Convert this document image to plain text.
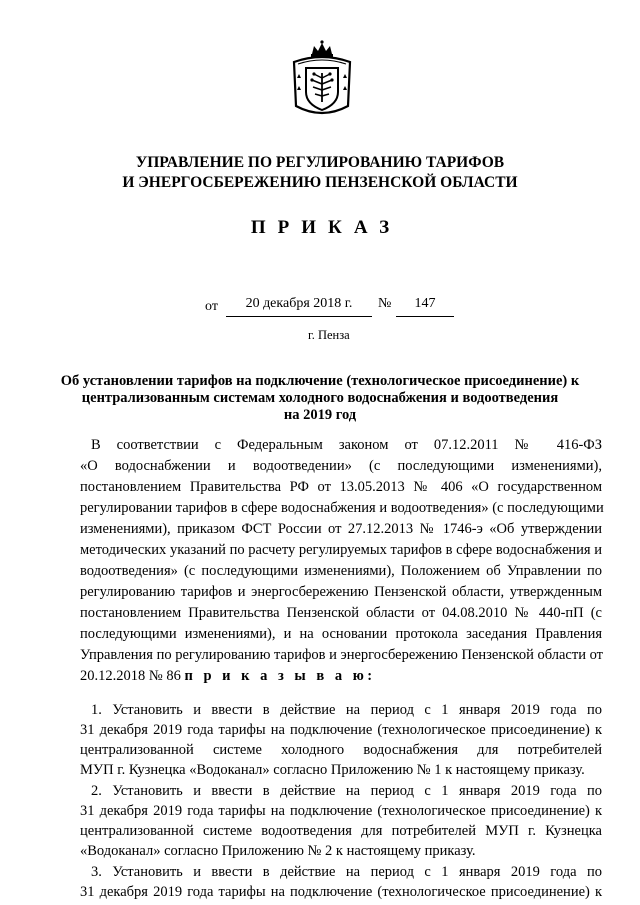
УПРАВЛЕНИЕ ПО РЕГУЛИРОВАНИЮ ТАРИФОВ
И ЭНЕРГОСБЕРЕЖЕНИЮ ПЕНЗЕНСКОЙ ОБЛАСТИ
ПРИКАЗ
от	20 декабря 2018 г.	№	147
г. Пенза
Об установлении тарифов на подключение (технологическое присоединение) к
централизованным системам холодного водоснабжения и водоотведения
на 2019 год
В соответствии с Федеральным законом от 07.12.2011 № 416-ФЗ
«О водоснабжении и водоотведении» (с последующими изменениями),
постановлением Правительства РФ от 13.05.2013 № 406 «О государственном
регулировании тарифов в сфере водоснабжения и водоотведения» (с последующими
изменениями), приказом ФСТ России от 27.12.2013 № 1746-э «Об утверждении
методических указаний по расчету регулируемых тарифов в сфере водоснабжения и
водоотведения» (с последующими изменениями), Положением об Управлении по
регулированию тарифов и энергосбережению Пензенской области, утвержденным
постановлением Правительства Пензенской области от 04.08.2010 № 440-пП (с
последующими изменениями), и на основании протокола заседания Правления
Управления по регулированию тарифов и энергосбережению Пензенской области от
20.12.2018 № 86 п р и к а з ы в а ю:
1. Установить и ввести в действие на период с 1 января 2019 года по
31 декабря 2019 года тарифы на подключение (технологическое присоединение) к
централизованной системе холодного водоснабжения для потребителей
МУП г. Кузнецка «Водоканал» согласно Приложению № 1 к настоящему приказу.
2. Установить и ввести в действие на период с 1 января 2019 года по
31 декабря 2019 года тарифы на подключение (технологическое присоединение) к
централизованной системе водоотведения для потребителей МУП г. Кузнецка
«Водоканал» согласно Приложению № 2 к настоящему приказу.
3. Установить и ввести в действие на период с 1 января 2019 года по
31 декабря 2019 года тарифы на подключение (технологическое присоединение) к
